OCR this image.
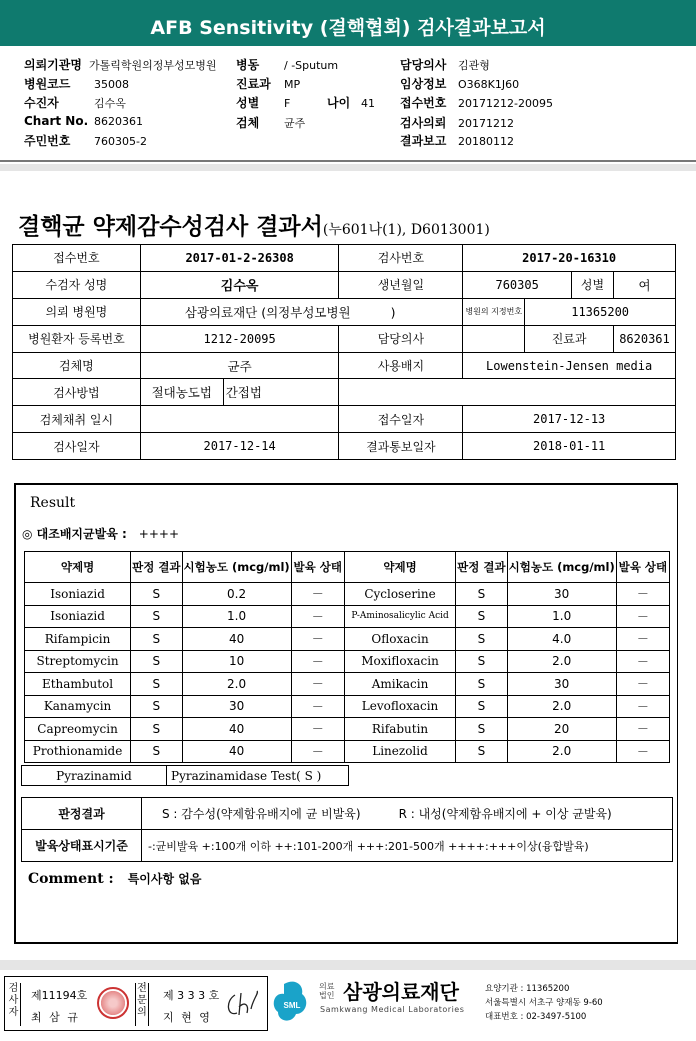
AFB Sensitivity (결핵협회) 검사결과보고서
의뢰기관명 가톨릭학원의정부성모병원
병원코드 35008
수진자	김수옥
Chart No. 8620361
주민번호 760305-2
병동 / -Sputum
진료과 MP
성별 F	나이 41
검체 균주
담당의사 김관형
임상정보 O368K1J60
접수번호 20171212-20095
검사의뢰 20171212
결과보고 20180112
결핵균 약제감수성검사 결과서(누601나(1), D6013001)
접수번호	2017-01-2-26308		검사번호	2017-20-16310			
수검자 성명	김수옥		생년월일	760305		성별	여
의뢰 병원명	삼광의료재단 (의정부성모병원 )			병원의 지정번호	11365200		
병원환자 등록번호	1212-20095		담당의사		진료과		8620361
검체명	균주		사용배지	Lowenstein-Jensen media			
검사방법	절대농도법	간접법					
검체채취 일시			접수일자	2017-12-13			
검사일자	2017-12-14		결과통보일자	2018-01-11			
Result
◎ 대조배지균발육 : ++++
약제명	판정 결과	시험농도 (mcg/ml)	발육 상태	약제명	판정 결과	시험농도 (mcg/ml)	발육 상태
Isoniazid	S	0.2	－	Cycloserine	S	30	－
Isoniazid	S	1.0	－	P-Aminosalicylic Acid	S	1.0	－
Rifampicin	S	40	－	Ofloxacin	S	4.0	－
Streptomycin	S	10	－	Moxifloxacin	S	2.0	－
Ethambutol	S	2.0	－	Amikacin	S	30	－
Kanamycin	S	30	－	Levofloxacin	S	2.0	－
Capreomycin	S	40	－	Rifabutin	S	20	－
Prothionamide	S	40	－	Linezolid	S	2.0	－
Pyrazinamid	Pyrazinamidase Test( S )
판정결과	S : 감수성(약제함유배지에 균 비발육) R : 내성(약제함유배지에 + 이상 균발육)
발육상태표시기준	-:균비발육 +:100개 이하 ++:101-200개 +++:201-500개 ++++:+++이상(융합발육)
Comment : 특이사항 없음
검사자
제11194호
최 삼 규
전문의
제 3 3 3 호
지 현 영
SML
의료법인 삼광의료재단
Samkwang Medical Laboratories
요양기관 : 11365200
서울특별시 서초구 양재동 9-60
대표번호 : 02-3497-5100
